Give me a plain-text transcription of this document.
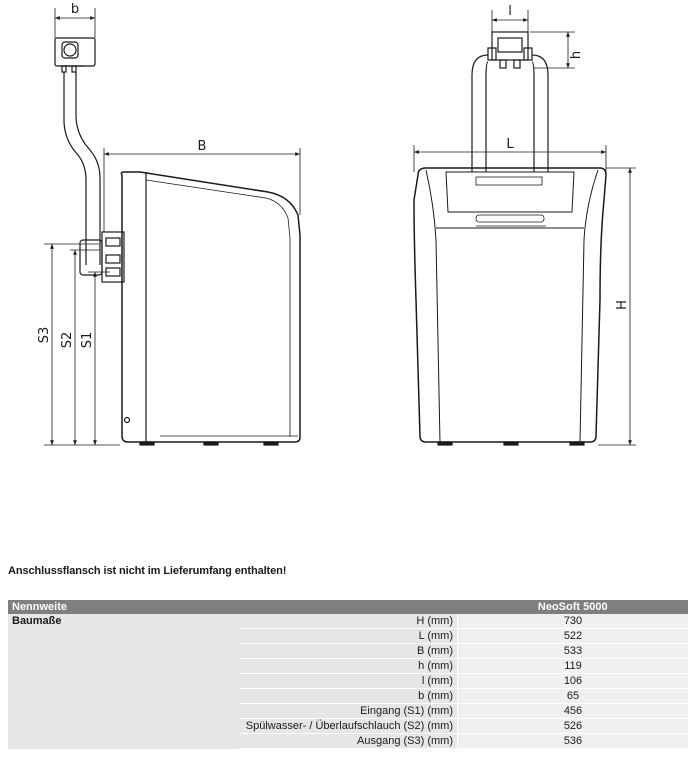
b
B
S3 S2 S1
l
h
L
H
Anschlussflansch ist nicht im Lieferumfang enthalten!
Nennweite		NeoSoft 5000
Baumaße	H (mm)	730
	L (mm)	522
	B (mm)	533
	h (mm)	119
	l (mm)	106
	b (mm)	65
	Eingang (S1) (mm)	456
	Spülwasser- / Überlaufschlauch (S2) (mm)	526
	Ausgang (S3) (mm)	536
